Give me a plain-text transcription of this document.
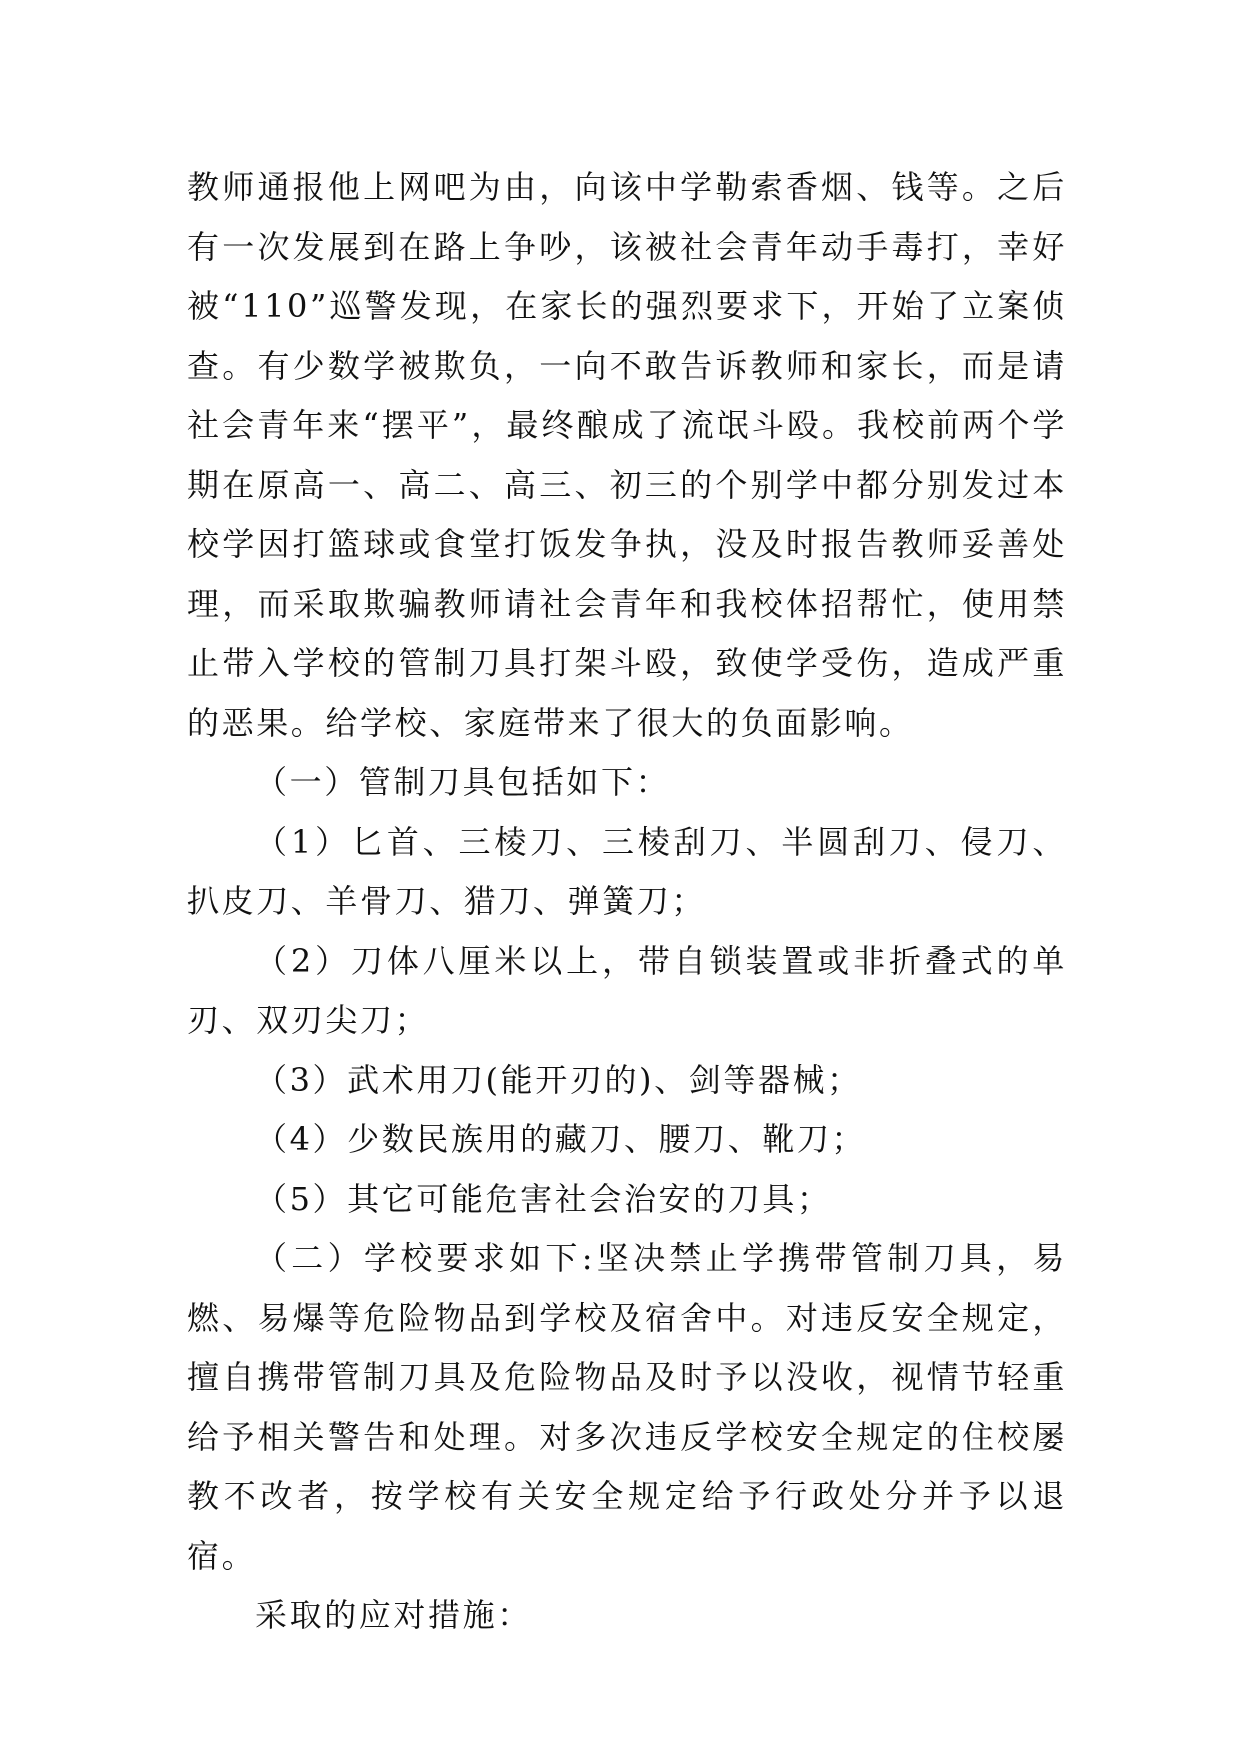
教师通报他上网吧为由，向该中学勒索香烟、钱等。之后有一次发展到在路上争吵，该被社会青年动手毒打，幸好被“110”巡警发现，在家长的强烈要求下，开始了立案侦查。有少数学被欺负，一向不敢告诉教师和家长，而是请社会青年来“摆平”，最终酿成了流氓斗殴。我校前两个学期在原高一、高二、高三、初三的个别学中都分别发过本校学因打篮球或食堂打饭发争执，没及时报告教师妥善处理，而采取欺骗教师请社会青年和我校体招帮忙，使用禁止带入学校的管制刀具打架斗殴，致使学受伤，造成严重的恶果。给学校、家庭带来了很大的负面影响。

（一）管制刀具包括如下：

（1）匕首、三棱刀、三棱刮刀、半圆刮刀、侵刀、扒皮刀、羊骨刀、猎刀、弹簧刀；

（2）刀体八厘米以上，带自锁装置或非折叠式的单刃、双刃尖刀；

（3）武术用刀(能开刃的)、剑等器械；

（4）少数民族用的藏刀、腰刀、靴刀；

（5）其它可能危害社会治安的刀具；

（二）学校要求如下:坚决禁止学携带管制刀具，易燃、易爆等危险物品到学校及宿舍中。对违反安全规定，擅自携带管制刀具及危险物品及时予以没收，视情节轻重给予相关警告和处理。对多次违反学校安全规定的住校屡教不改者，按学校有关安全规定给予行政处分并予以退宿。

采取的应对措施：
